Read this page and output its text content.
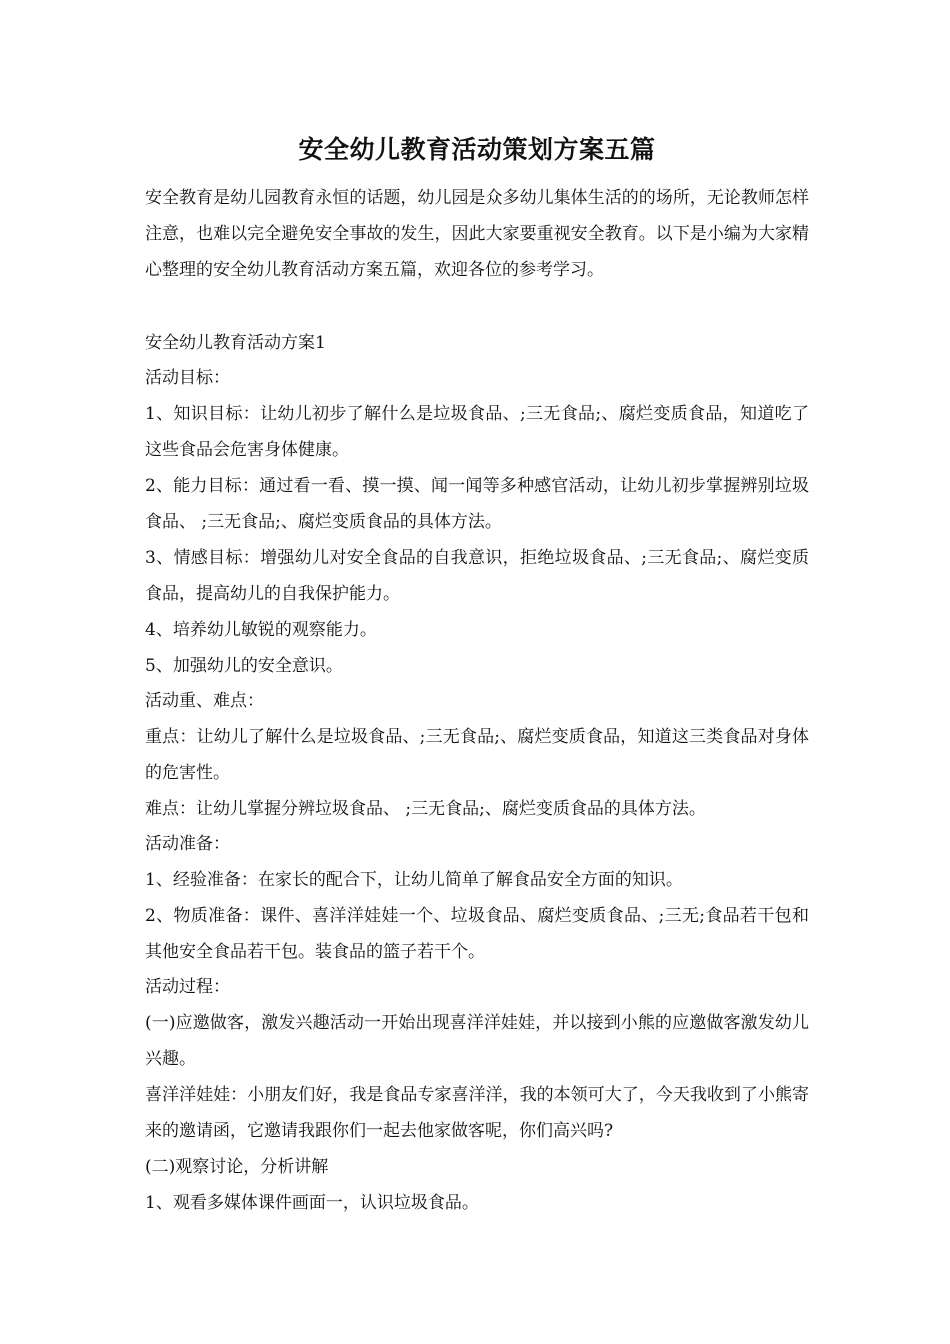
安全幼儿教育活动策划方案五篇

安全教育是幼儿园教育永恒的话题，幼儿园是众多幼儿集体生活的的场所，无论教师怎样注意，也难以完全避免安全事故的发生，因此大家要重视安全教育。以下是小编为大家精心整理的安全幼儿教育活动方案五篇，欢迎各位的参考学习。

安全幼儿教育活动方案1

活动目标：

1、知识目标：让幼儿初步了解什么是垃圾食品、;三无食品;、腐烂变质食品，知道吃了这些食品会危害身体健康。

2、能力目标：通过看一看、摸一摸、闻一闻等多种感官活动，让幼儿初步掌握辨别垃圾食品、 ;三无食品;、腐烂变质食品的具体方法。

3、情感目标：增强幼儿对安全食品的自我意识，拒绝垃圾食品、;三无食品;、腐烂变质食品，提高幼儿的自我保护能力。

4、培养幼儿敏锐的观察能力。

5、加强幼儿的安全意识。

活动重、难点：

重点：让幼儿了解什么是垃圾食品、;三无食品;、腐烂变质食品，知道这三类食品对身体的危害性。

难点：让幼儿掌握分辨垃圾食品、 ;三无食品;、腐烂变质食品的具体方法。

活动准备：

1、经验准备：在家长的配合下，让幼儿简单了解食品安全方面的知识。

2、物质准备：课件、喜洋洋娃娃一个、垃圾食品、腐烂变质食品、;三无;食品若干包和其他安全食品若干包。装食品的篮子若干个。

活动过程：

(一)应邀做客，激发兴趣活动一开始出现喜洋洋娃娃，并以接到小熊的应邀做客激发幼儿兴趣。

喜洋洋娃娃：小朋友们好，我是食品专家喜洋洋，我的本领可大了，今天我收到了小熊寄来的邀请函，它邀请我跟你们一起去他家做客呢，你们高兴吗?

(二)观察讨论，分析讲解

1、观看多媒体课件画面一，认识垃圾食品。
